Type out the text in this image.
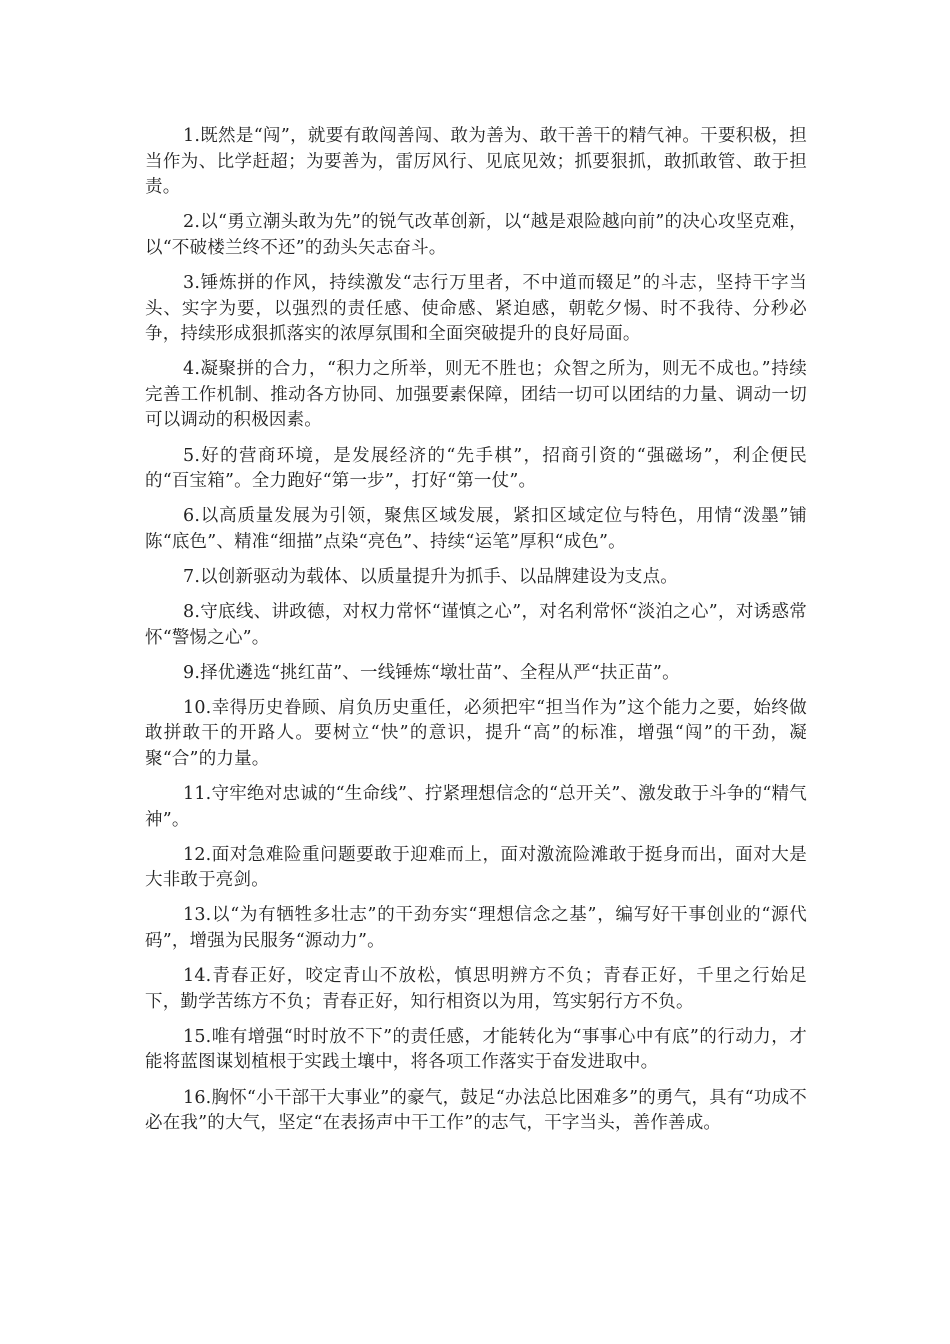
1.既然是“闯”，就要有敢闯善闯、敢为善为、敢干善干的精气神。干要积极，担当作为、比学赶超；为要善为，雷厉风行、见底见效；抓要狠抓，敢抓敢管、敢于担责。

2.以“勇立潮头敢为先”的锐气改革创新，以“越是艰险越向前”的决心攻坚克难，以“不破楼兰终不还”的劲头矢志奋斗。

3.锤炼拼的作风，持续激发“志行万里者，不中道而辍足”的斗志，坚持干字当头、实字为要，以强烈的责任感、使命感、紧迫感，朝乾夕惕、时不我待、分秒必争，持续形成狠抓落实的浓厚氛围和全面突破提升的良好局面。

4.凝聚拼的合力，“积力之所举，则无不胜也；众智之所为，则无不成也。”持续完善工作机制、推动各方协同、加强要素保障，团结一切可以团结的力量、调动一切可以调动的积极因素。

5.好的营商环境，是发展经济的“先手棋”，招商引资的“强磁场”，利企便民的“百宝箱”。全力跑好“第一步”，打好“第一仗”。

6.以高质量发展为引领，聚焦区域发展，紧扣区域定位与特色，用情“泼墨”铺陈“底色”、精准“细描”点染“亮色”、持续“运笔”厚积“成色”。

7.以创新驱动为载体、以质量提升为抓手、以品牌建设为支点。

8.守底线、讲政德，对权力常怀“谨慎之心”，对名利常怀“淡泊之心”，对诱惑常怀“警惕之心”。

9.择优遴选“挑红苗”、一线锤炼“墩壮苗”、全程从严“扶正苗”。

10.幸得历史眷顾、肩负历史重任，必须把牢“担当作为”这个能力之要，始终做敢拼敢干的开路人。要树立“快”的意识，提升“高”的标准，增强“闯”的干劲，凝聚“合”的力量。

11.守牢绝对忠诚的“生命线”、拧紧理想信念的“总开关”、激发敢于斗争的“精气神”。

12.面对急难险重问题要敢于迎难而上，面对激流险滩敢于挺身而出，面对大是大非敢于亮剑。

13.以“为有牺牲多壮志”的干劲夯实“理想信念之基”，编写好干事创业的“源代码”，增强为民服务“源动力”。

14.青春正好，咬定青山不放松，慎思明辨方不负；青春正好，千里之行始足下，勤学苦练方不负；青春正好，知行相资以为用，笃实躬行方不负。

15.唯有增强“时时放不下”的责任感，才能转化为“事事心中有底”的行动力，才能将蓝图谋划植根于实践土壤中，将各项工作落实于奋发进取中。

16.胸怀“小干部干大事业”的豪气，鼓足“办法总比困难多”的勇气，具有“功成不必在我”的大气，坚定“在表扬声中干工作”的志气，干字当头，善作善成。
